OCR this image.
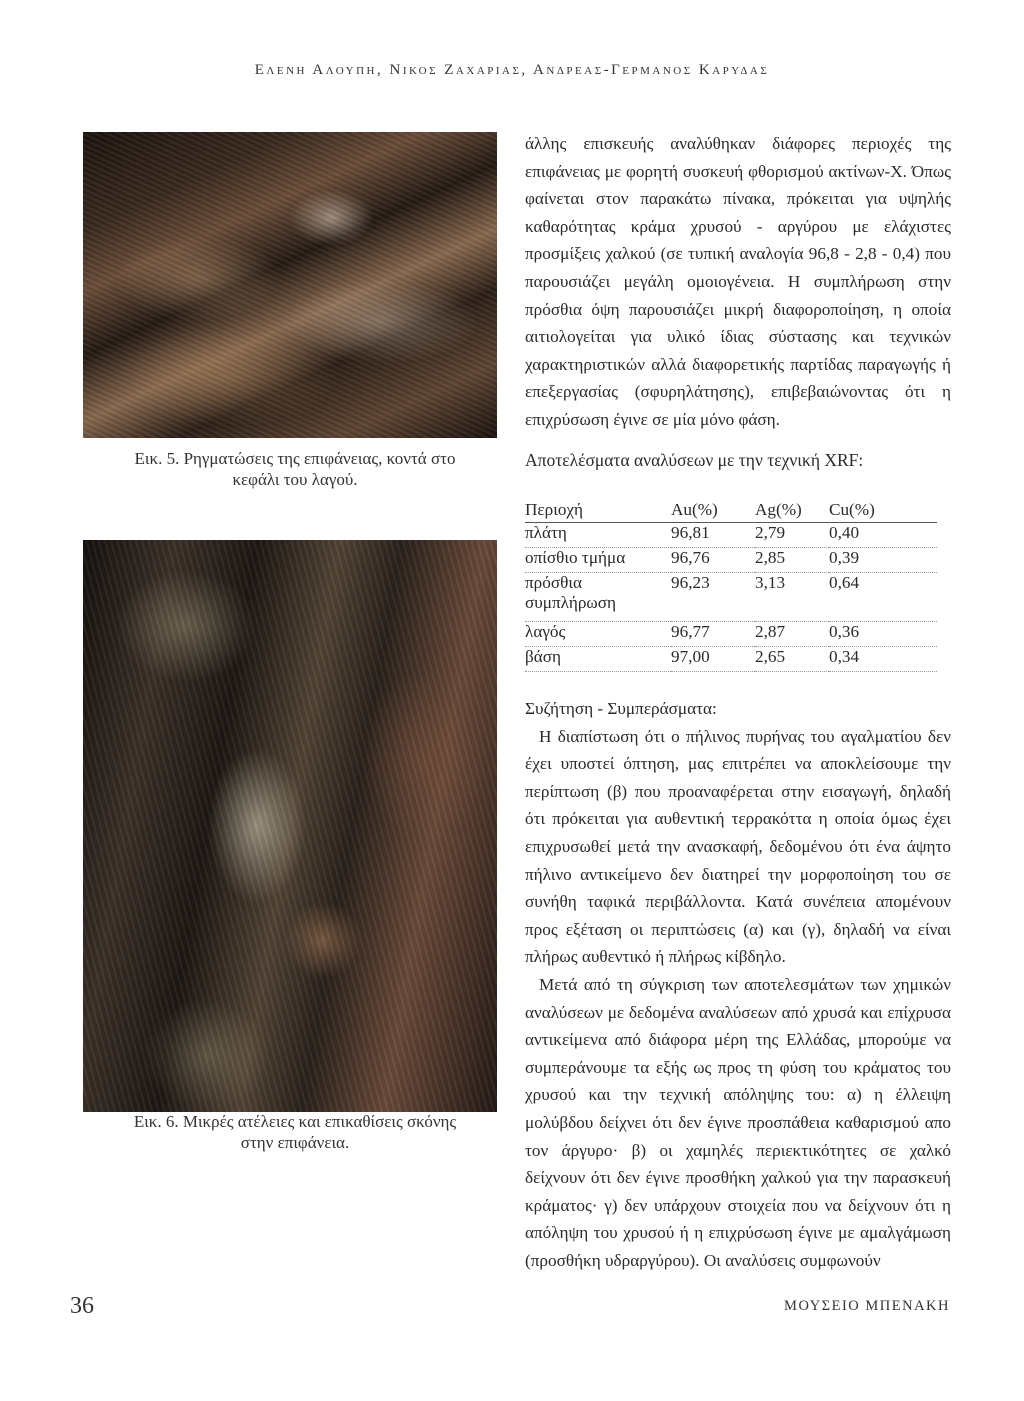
Ελενη Αλουπη, Νικος Ζαχαριας, Ανδρεας-Γερμανος Καρυδας
Εικ. 5. Ρηγματώσεις της επιφάνειας, κοντά στο κεφάλι του λαγού.
Εικ. 6. Μικρές ατέλειες και επικαθίσεις σκόνης στην επιφάνεια.

άλλης επισκευής αναλύθηκαν διάφορες περιοχές της επιφάνειας με φορητή συσκευή φθορισμού ακτίνων-Χ. Όπως φαίνεται στον παρακάτω πίνακα, πρόκειται για υψηλής καθαρότητας κράμα χρυσού - αργύρου με ελάχιστες προσμίξεις χαλκού (σε τυπική αναλογία 96,8 - 2,8 - 0,4) που παρουσιάζει μεγάλη ομοιογένεια. Η συμπλήρωση στην πρόσθια όψη παρουσιάζει μικρή διαφοροποίηση, η οποία αιτιολογείται για υλικό ίδιας σύστασης και τεχνικών χαρακτηριστικών αλλά διαφορετικής παρτίδας παραγωγής ή επεξεργασίας (σφυρηλάτησης), επιβεβαιώνοντας ότι η επιχρύσωση έγινε σε μία μόνο φάση.

Αποτελέσματα αναλύσεων με την τεχνική XRF:
Περιοχή	Au(%)	Ag(%)	Cu(%)
πλάτη	96,81	2,79	0,40
οπίσθιο τμήμα	96,76	2,85	0,39
πρόσθια συμπλήρωση	96,23	3,13	0,64
λαγός	96,77	2,87	0,36
βάση	97,00	2,65	0,34

Συζήτηση - Συμπεράσματα:

Η διαπίστωση ότι ο πήλινος πυρήνας του αγαλματίου δεν έχει υποστεί όπτηση, μας επιτρέπει να αποκλείσουμε την περίπτωση (β) που προαναφέρεται στην εισαγωγή, δηλαδή ότι πρόκειται για αυθεντική τερρακόττα η οποία όμως έχει επιχρυσωθεί μετά την ανασκαφή, δεδομένου ότι ένα άψητο πήλινο αντικείμενο δεν διατηρεί την μορφοποίηση του σε συνήθη ταφικά περιβάλλοντα. Κατά συνέπεια απομένουν προς εξέταση οι περιπτώσεις (α) και (γ), δηλαδή να είναι πλήρως αυθεντικό ή πλήρως κίβδηλο.

Μετά από τη σύγκριση των αποτελεσμάτων των χημικών αναλύσεων με δεδομένα αναλύσεων από χρυσά και επίχρυσα αντικείμενα από διάφορα μέρη της Ελλάδας, μπορούμε να συμπεράνουμε τα εξής ως προς τη φύση του κράματος του χρυσού και την τεχνική απόληψης του: α) η έλλειψη μολύβδου δείχνει ότι δεν έγινε προσπάθεια καθαρισμού απο τον άργυρο· β) οι χαμηλές περιεκτικότητες σε χαλκό δείχνουν ότι δεν έγινε προσθήκη χαλκού για την παρασκευή κράματος· γ) δεν υπάρχουν στοιχεία που να δείχνουν ότι η απόληψη του χρυσού ή η επιχρύσωση έγινε με αμαλγάμωση (προσθήκη υδραργύρου). Οι αναλύσεις συμφωνούν

36	ΜΟΥΣΕΙΟ ΜΠΕΝΑΚΗ
